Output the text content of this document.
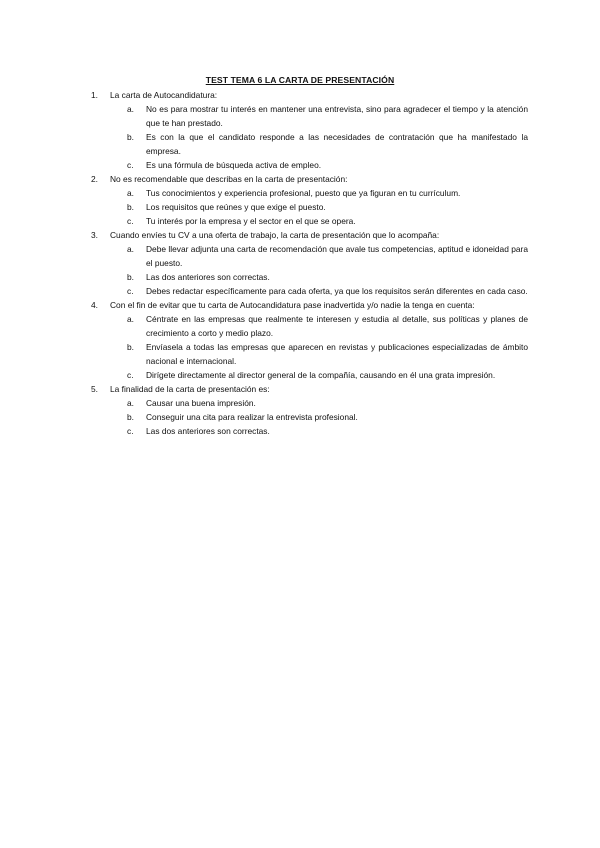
TEST TEMA 6 LA CARTA DE PRESENTACIÓN
1. La carta de Autocandidatura:
a. No es para mostrar tu interés en mantener una entrevista, sino para agradecer el tiempo y la atención que te han prestado.
b. Es con la que el candidato responde a las necesidades de contratación que ha manifestado la empresa.
c. Es una fórmula de búsqueda activa de empleo.
2. No es recomendable que describas en la carta de presentación:
a. Tus conocimientos y experiencia profesional, puesto que ya figuran en tu currículum.
b. Los requisitos que reúnes y que exige el puesto.
c. Tu interés por la empresa y el sector en el que se opera.
3. Cuando envíes tu CV a una oferta de trabajo, la carta de presentación que lo acompaña:
a. Debe llevar adjunta una carta de recomendación que avale tus competencias, aptitud e idoneidad para el puesto.
b. Las dos anteriores son correctas.
c. Debes redactar específicamente para cada oferta, ya que los requisitos serán diferentes en cada caso.
4. Con el fin de evitar que tu carta de Autocandidatura pase inadvertida y/o nadie la tenga en cuenta:
a. Céntrate en las empresas que realmente te interesen y estudia al detalle, sus políticas y planes de crecimiento a corto y medio plazo.
b. Envíasela a todas las empresas que aparecen en revistas y publicaciones especializadas de ámbito nacional e internacional.
c. Dirígete directamente al director general de la compañía, causando en él una grata impresión.
5. La finalidad de la carta de presentación es:
a. Causar una buena impresión.
b. Conseguir una cita para realizar la entrevista profesional.
c. Las dos anteriores son correctas.
